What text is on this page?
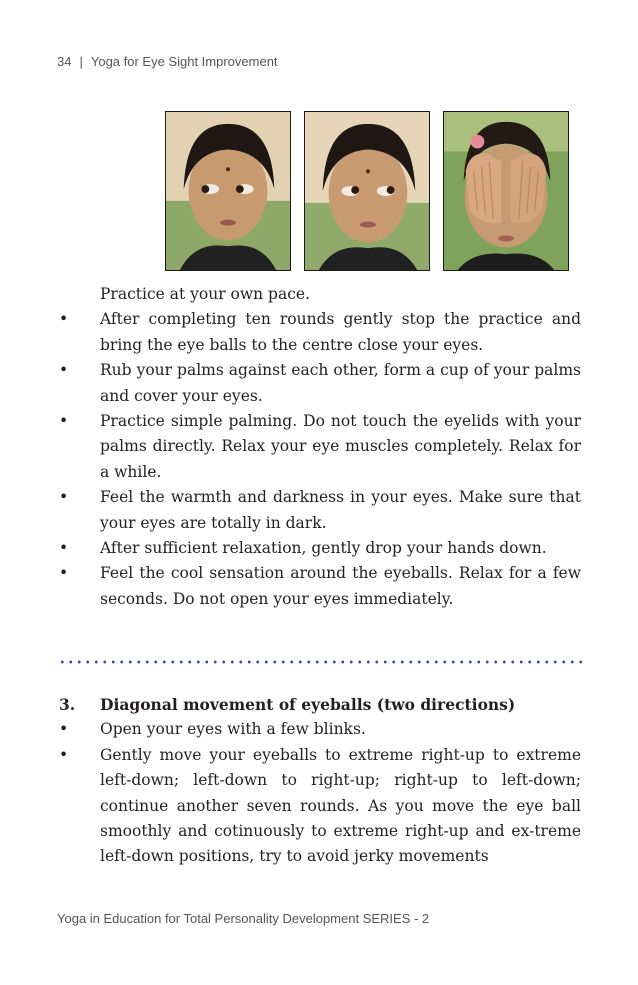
34 | Yoga for Eye Sight Improvement
Practice at your own pace.
•	After completing ten rounds gently stop the practice and bring the eye balls to the centre close your eyes.
•	Rub your palms against each other, form a cup of your palms and cover your eyes.
•	Practice simple palming. Do not touch the eyelids with your palms directly. Relax your eye muscles completely. Relax for a while.
•	Feel the warmth and darkness in your eyes. Make sure that your eyes are totally in dark.
•	After sufficient relaxation, gently drop your hands down.
•	Feel the cool sensation around the eyeballs. Relax for a few seconds. Do not open your eyes immediately.
3.	Diagonal movement of eyeballs (two directions)
•	Open your eyes with a few blinks.
•	Gently move your eyeballs to extreme right-up to extreme left-down; left-down to right-up; right-up to left-down; continue another seven rounds. As you move the eye ball smoothly and cotinuously to extreme right-up and ex-treme left-down positions, try to avoid jerky movements
Yoga in Education for Total Personality Development SERIES - 2
